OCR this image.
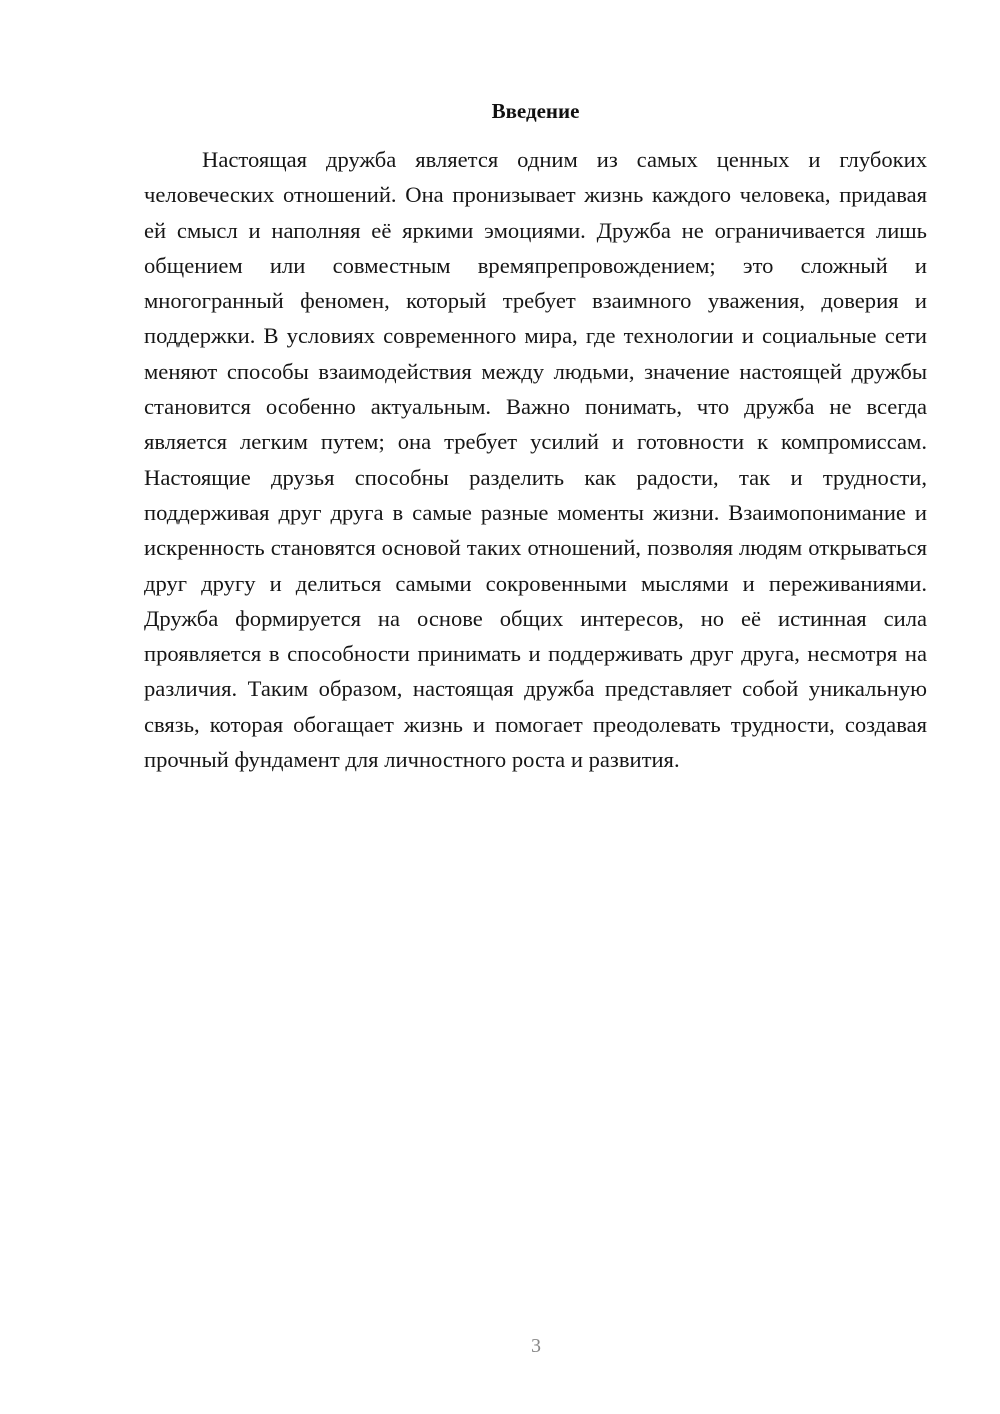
Введение

Настоящая дружба является одним из самых ценных и глубоких человеческих отношений. Она пронизывает жизнь каждого человека, придавая ей смысл и наполняя её яркими эмоциями. Дружба не ограничивается лишь общением или совместным времяпрепровождением; это сложный и многогранный феномен, который требует взаимного уважения, доверия и поддержки. В условиях современного мира, где технологии и социальные сети меняют способы взаимодействия между людьми, значение настоящей дружбы становится особенно актуальным. Важно понимать, что дружба не всегда является легким путем; она требует усилий и готовности к компромиссам. Настоящие друзья способны разделить как радости, так и трудности, поддерживая друг друга в самые разные моменты жизни. Взаимопонимание и искренность становятся основой таких отношений, позволяя людям открываться друг другу и делиться самыми сокровенными мыслями и переживаниями. Дружба формируется на основе общих интересов, но её истинная сила проявляется в способности принимать и поддерживать друг друга, несмотря на различия. Таким образом, настоящая дружба представляет собой уникальную связь, которая обогащает жизнь и помогает преодолевать трудности, создавая прочный фундамент для личностного роста и развития.

3
